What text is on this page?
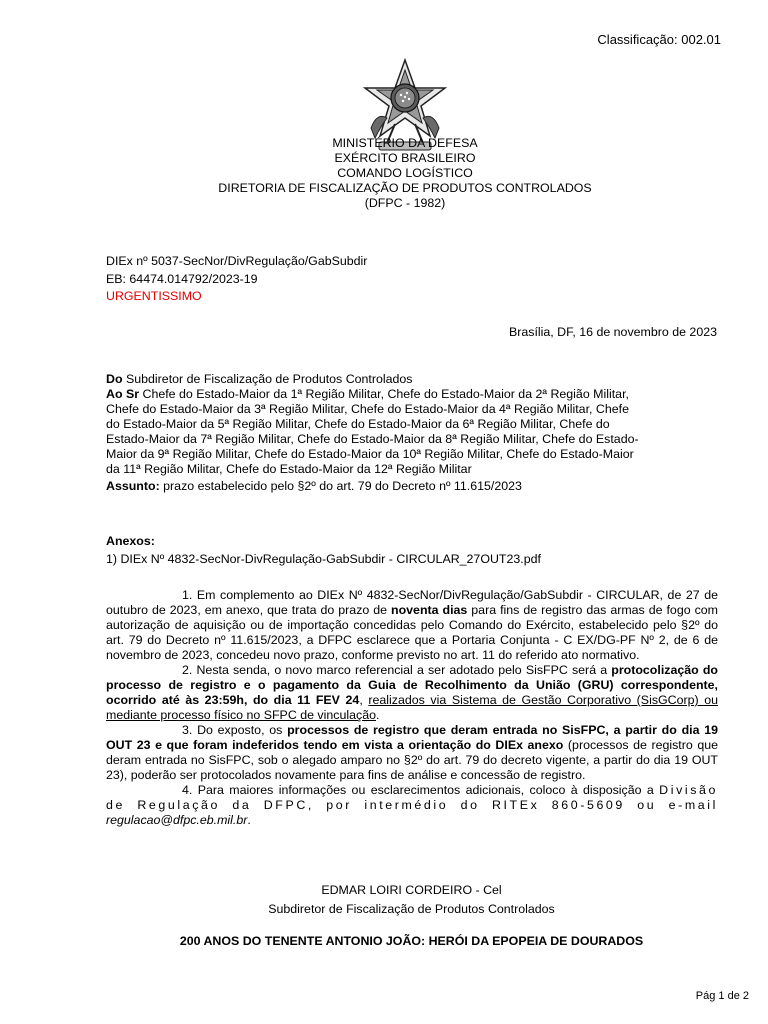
Classificação: 002.01
MINISTÉRIO DA DEFESA
EXÉRCITO BRASILEIRO
COMANDO LOGÍSTICO
DIRETORIA DE FISCALIZAÇÃO DE PRODUTOS CONTROLADOS
(DFPC - 1982)
DIEx nº 5037-SecNor/DivRegulação/GabSubdir
EB: 64474.014792/2023-19
URGENTISSIMO
Brasília, DF, 16 de novembro de 2023

Do Subdiretor de Fiscalização de Produtos Controlados

Ao Sr Chefe do Estado-Maior da 1ª Região Militar, Chefe do Estado-Maior da 2ª Região Militar,

Chefe do Estado-Maior da 3ª Região Militar, Chefe do Estado-Maior da 4ª Região Militar, Chefe

do Estado-Maior da 5ª Região Militar, Chefe do Estado-Maior da 6ª Região Militar, Chefe do

Estado-Maior da 7ª Região Militar, Chefe do Estado-Maior da 8ª Região Militar, Chefe do Estado-

Maior da 9ª Região Militar, Chefe do Estado-Maior da 10ª Região Militar, Chefe do Estado-Maior

da 11ª Região Militar, Chefe do Estado-Maior da 12ª Região Militar

Assunto: prazo estabelecido pelo §2º do art. 79 do Decreto nº 11.615/2023

Anexos:
1) DIEx Nº 4832-SecNor-DivRegulação-GabSubdir - CIRCULAR_27OUT23.pdf

1. Em complemento ao DIEx Nº 4832-SecNor/DivRegulação/GabSubdir - CIRCULAR, de 27 de outubro de 2023, em anexo, que trata do prazo de noventa dias para fins de registro das armas de fogo com autorização de aquisição ou de importação concedidas pelo Comando do Exército, estabelecido pelo §2º do art. 79 do Decreto nº 11.615/2023, a DFPC esclarece que a Portaria Conjunta - C EX/DG-PF Nº 2, de 6 de novembro de 2023, concedeu novo prazo, conforme previsto no art. 11 do referido ato normativo.

2. Nesta senda, o novo marco referencial a ser adotado pelo SisFPC será a protocolização do processo de registro e o pagamento da Guia de Recolhimento da União (GRU) correspondente, ocorrido até às 23:59h, do dia 11 FEV 24, realizados via Sistema de Gestão Corporativo (SisGCorp) ou mediante processo físico no SFPC de vinculação.

3. Do exposto, os processos de registro que deram entrada no SisFPC, a partir do dia 19 OUT 23 e que foram indeferidos tendo em vista a orientação do DIEx anexo (processos de registro que deram entrada no SisFPC, sob o alegado amparo no §2º do art. 79 do decreto vigente, a partir do dia 19 OUT 23), poderão ser protocolados novamente para fins de análise e concessão de registro.

4. Para maiores informações ou esclarecimentos adicionais, coloco à disposição a Divisão de Regulação da DFPC, por intermédio do RITEx 860-5609 ou e-mail regulacao@dfpc.eb.mil.br.

EDMAR LOIRI CORDEIRO - Cel
Subdiretor de Fiscalização de Produtos Controlados
200 ANOS DO TENENTE ANTONIO JOÃO: HERÓI DA EPOPEIA DE DOURADOS
Pág 1 de 2
